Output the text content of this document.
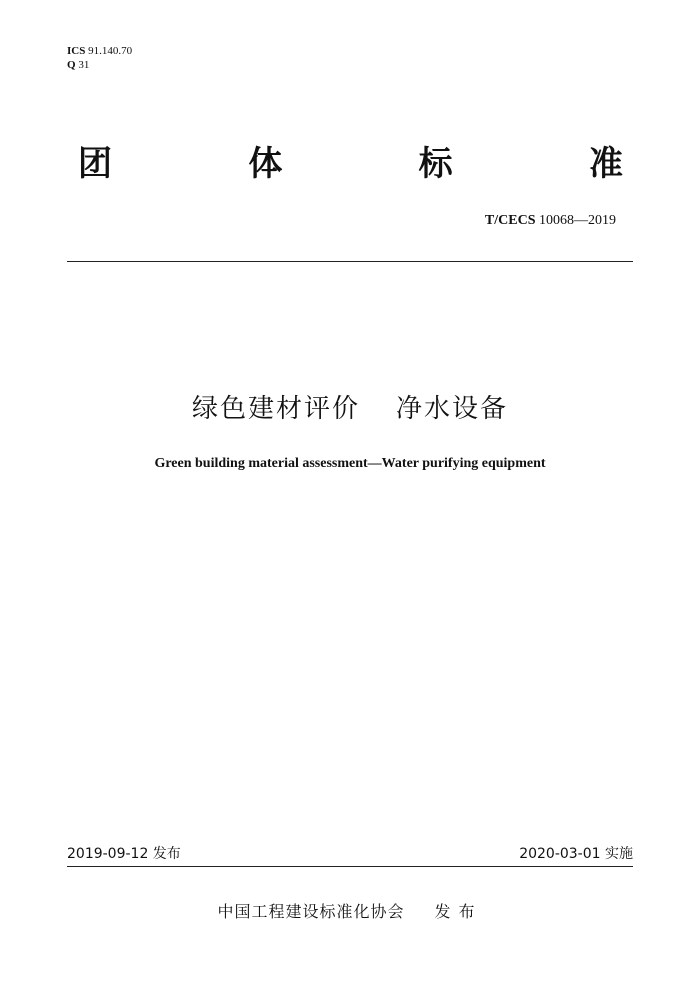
ICS 91.140.70
Q 31
团	体	标	准
T/CECS 10068—2019
绿色建材评价 净水设备
Green building material assessment—Water purifying equipment
2019-09-12 发布	2020-03-01 实施
中国工程建设标准化协会 发布
